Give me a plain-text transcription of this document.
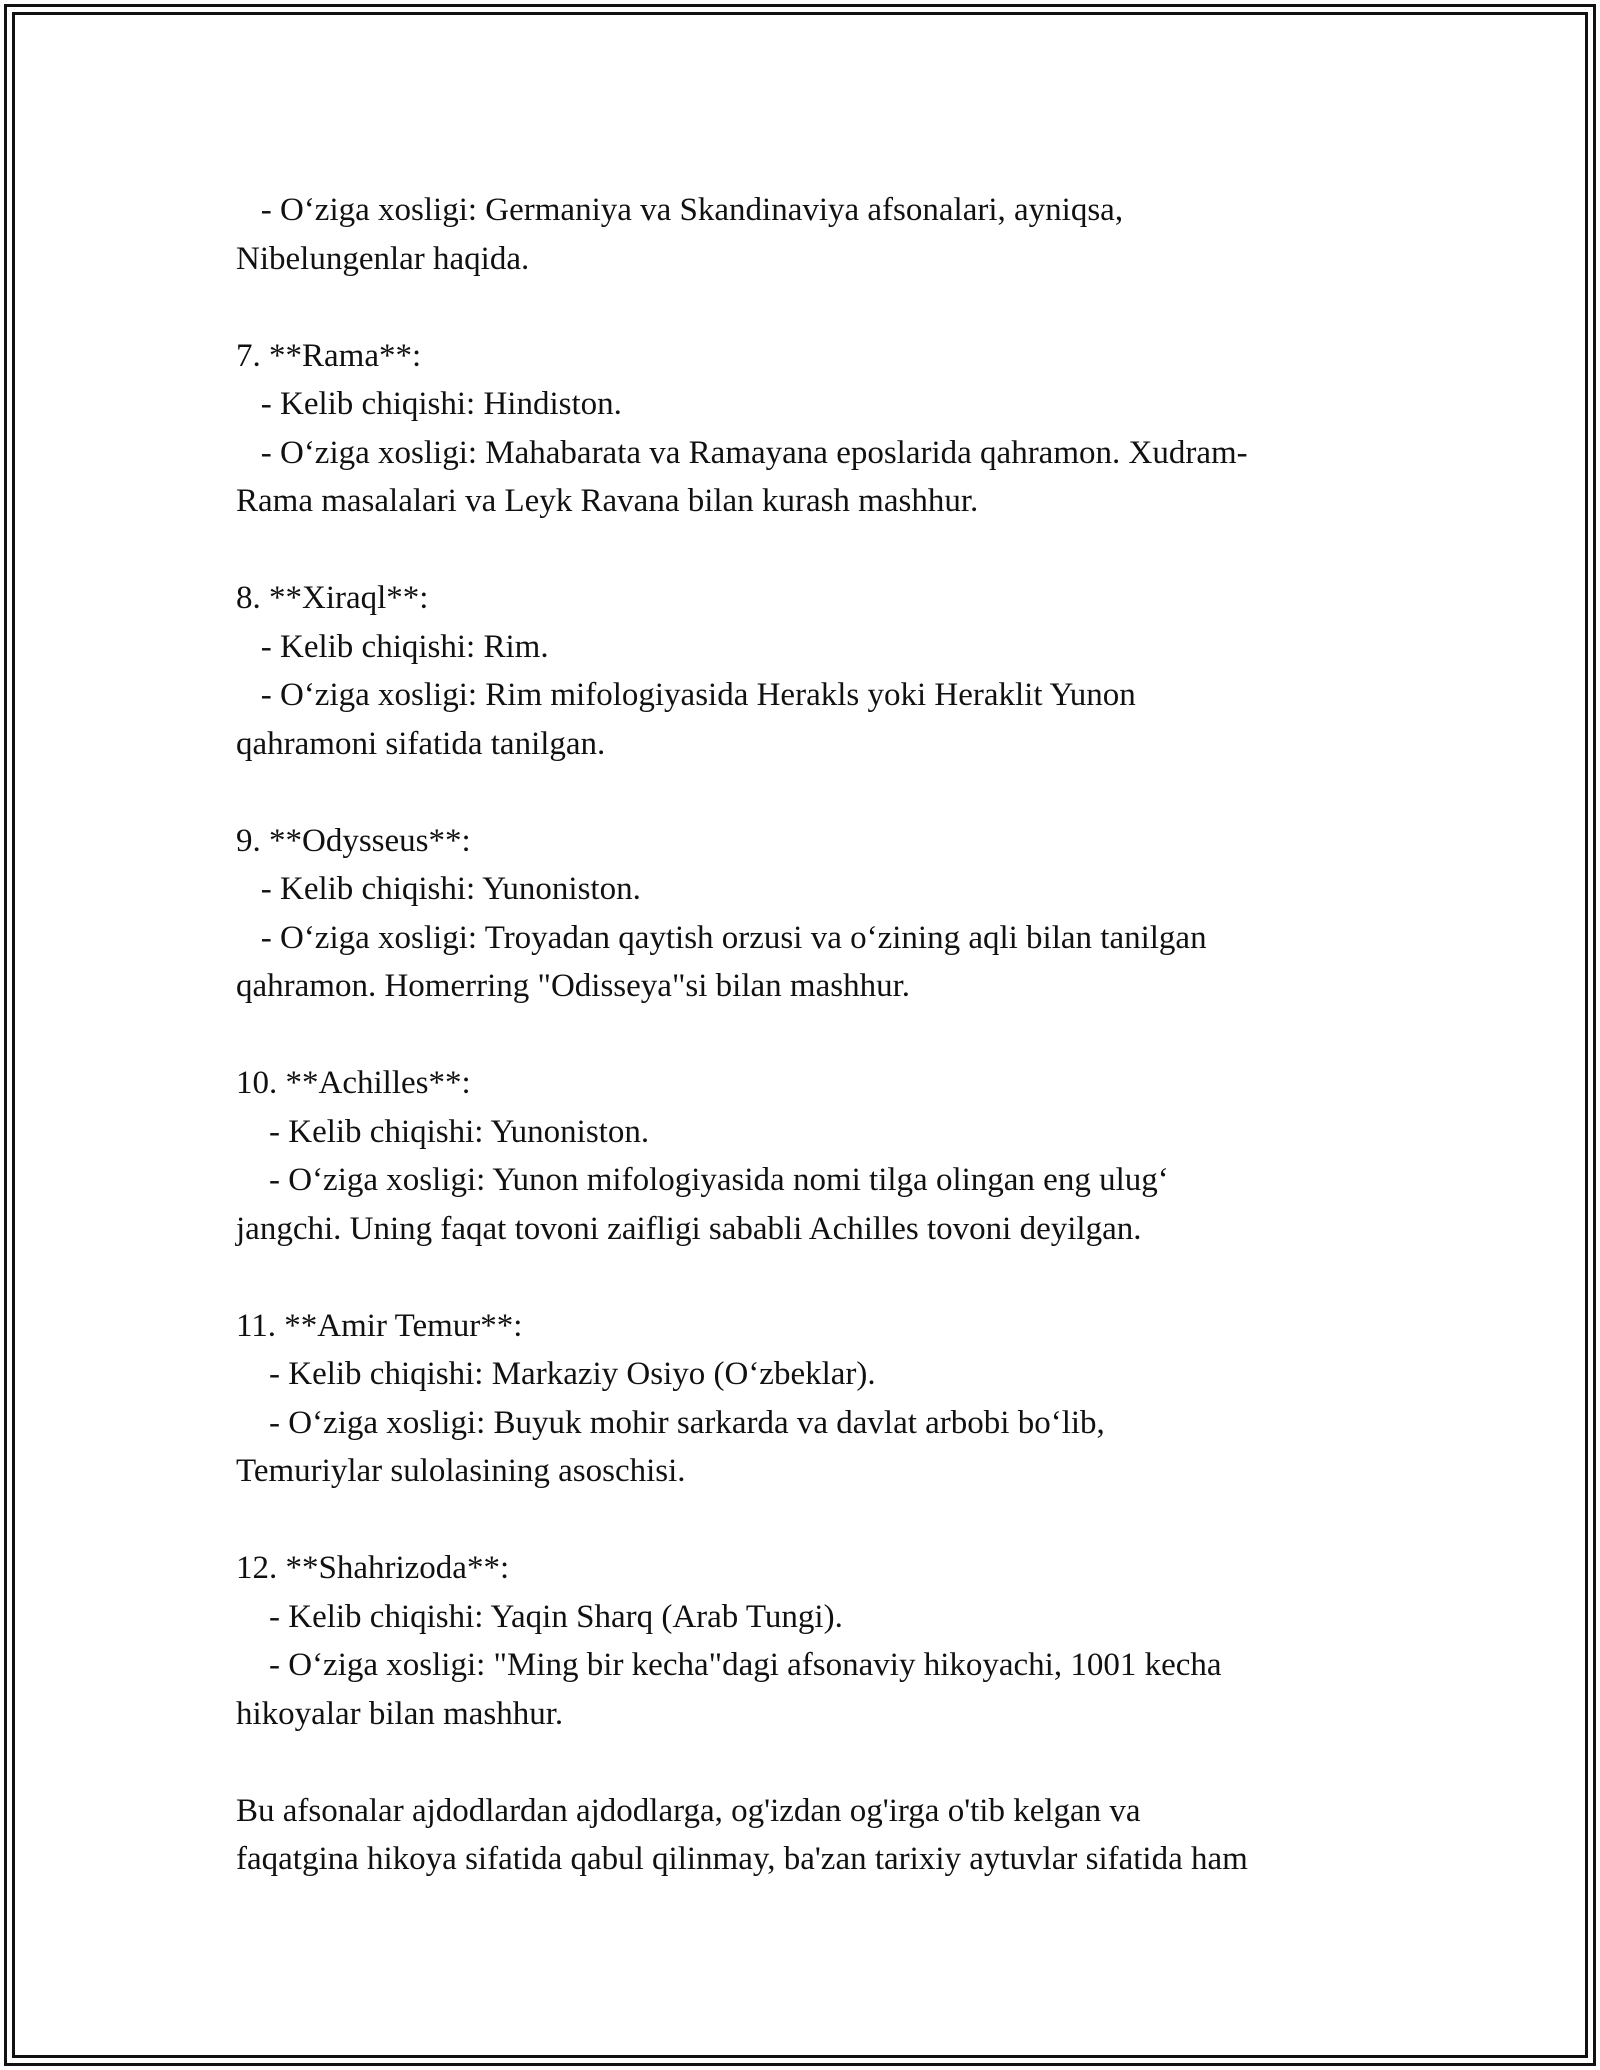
- O‘ziga xosligi: Germaniya va Skandinaviya afsonalari, ayniqsa,
Nibelungenlar haqida.
7. **Rama**:
- Kelib chiqishi: Hindiston.
- O‘ziga xosligi: Mahabarata va Ramayana eposlarida qahramon. Xudram-
Rama masalalari va Leyk Ravana bilan kurash mashhur.
8. **Xiraql**:
- Kelib chiqishi: Rim.
- O‘ziga xosligi: Rim mifologiyasida Herakls yoki Heraklit Yunon
qahramoni sifatida tanilgan.
9. **Odysseus**:
- Kelib chiqishi: Yunoniston.
- O‘ziga xosligi: Troyadan qaytish orzusi va o‘zining aqli bilan tanilgan
qahramon. Homerring "Odisseya"si bilan mashhur.
10. **Achilles**:
- Kelib chiqishi: Yunoniston.
- O‘ziga xosligi: Yunon mifologiyasida nomi tilga olingan eng ulug‘
jangchi. Uning faqat tovoni zaifligi sababli Achilles tovoni deyilgan.
11. **Amir Temur**:
- Kelib chiqishi: Markaziy Osiyo (O‘zbeklar).
- O‘ziga xosligi: Buyuk mohir sarkarda va davlat arbobi bo‘lib,
Temuriylar sulolasining asoschisi.
12. **Shahrizoda**:
- Kelib chiqishi: Yaqin Sharq (Arab Tungi).
- O‘ziga xosligi: "Ming bir kecha"dagi afsonaviy hikoyachi, 1001 kecha
hikoyalar bilan mashhur.
Bu afsonalar ajdodlardan ajdodlarga, og'izdan og'irga o'tib kelgan va
faqatgina hikoya sifatida qabul qilinmay, ba'zan tarixiy aytuvlar sifatida ham
